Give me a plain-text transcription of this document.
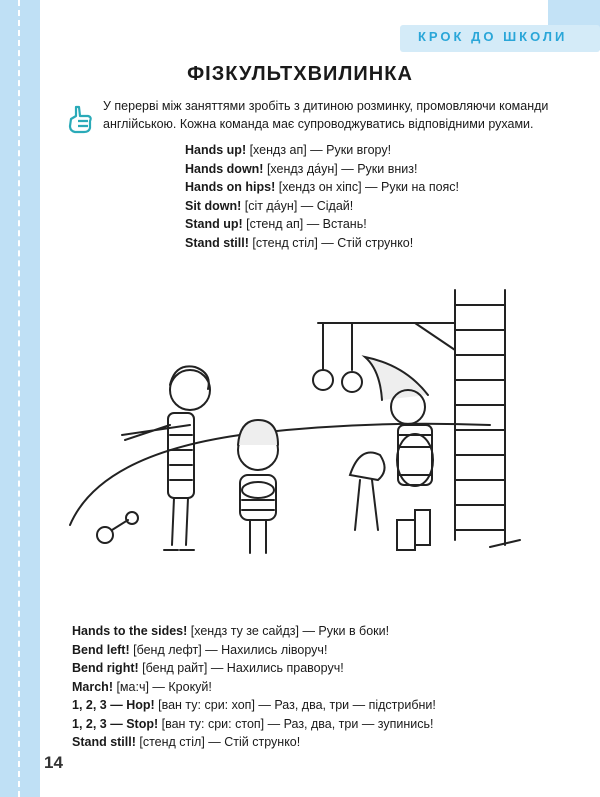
КРОК ДО ШКОЛИ
ФІЗКУЛЬТХВИЛИНКА
У перерві між заняттями зробіть з дитиною розминку, промовляючи команди англійською. Кожна команда має супроводжуватись відповідними рухами.
Hands up! [хендз ап] — Руки вгору!
Hands down! [хендз да́ун] — Руки вниз!
Hands on hips! [хендз он хіпс] — Руки на пояс!
Sit down! [сіт да́ун] — Сідай!
Stand up! [стенд ап] — Встань!
Stand still! [стенд стіл] — Стій струнко!
Hands to the sides! [хендз ту зе сайдз] — Руки в боки!
Bend left! [бенд лефт] — Нахились ліворуч!
Bend right! [бенд райт] — Нахились праворуч!
March! [ма:ч] — Крокуй!
1, 2, 3 — Hop! [ван ту: сри: хоп] — Раз, два, три — підстрибни!
1, 2, 3 — Stop! [ван ту: сри: стоп] — Раз, два, три — зупинись!
Stand still! [стенд стіл] — Стій струнко!
14
